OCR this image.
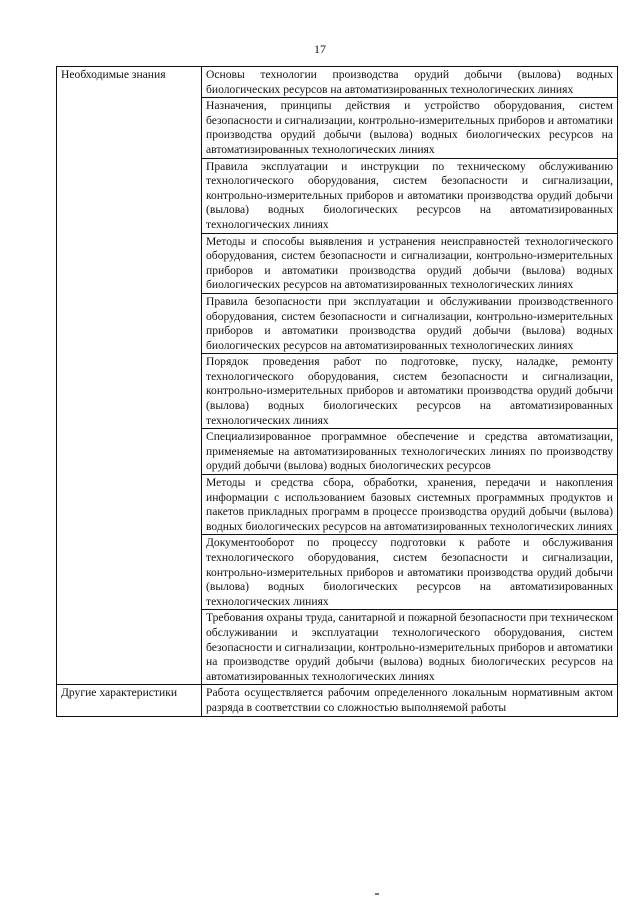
17
Необходимые знания	Основы технологии производства орудий добычи (вылова) водных биологических ресурсов на автоматизированных технологических линиях
	Назначения, принципы действия и устройство оборудования, систем безопасности и сигнализации, контрольно-измерительных приборов и автоматики производства орудий добычи (вылова) водных биологических ресурсов на автоматизированных технологических линиях
	Правила эксплуатации и инструкции по техническому обслуживанию технологического оборудования, систем безопасности и сигнализации, контрольно-измерительных приборов и автоматики производства орудий добычи (вылова) водных биологических ресурсов на автоматизированных технологических линиях
	Методы и способы выявления и устранения неисправностей технологического оборудования, систем безопасности и сигнализации, контрольно-измерительных приборов и автоматики производства орудий добычи (вылова) водных биологических ресурсов на автоматизированных технологических линиях
	Правила безопасности при эксплуатации и обслуживании производственного оборудования, систем безопасности и сигнализации, контрольно-измерительных приборов и автоматики производства орудий добычи (вылова) водных биологических ресурсов на автоматизированных технологических линиях
	Порядок проведения работ по подготовке, пуску, наладке, ремонту технологического оборудования, систем безопасности и сигнализации, контрольно-измерительных приборов и автоматики производства орудий добычи (вылова) водных биологических ресурсов на автоматизированных технологических линиях
	Специализированное программное обеспечение и средства автоматизации, применяемые на автоматизированных технологических линиях по производству орудий добычи (вылова) водных биологических ресурсов
	Методы и средства сбора, обработки, хранения, передачи и накопления информации с использованием базовых системных программных продуктов и пакетов прикладных программ в процессе производства орудий добычи (вылова) водных биологических ресурсов на автоматизированных технологических линиях
	Документооборот по процессу подготовки к работе и обслуживания технологического оборудования, систем безопасности и сигнализации, контрольно-измерительных приборов и автоматики производства орудий добычи (вылова) водных биологических ресурсов на автоматизированных технологических линиях
	Требования охраны труда, санитарной и пожарной безопасности при техническом обслуживании и эксплуатации технологического оборудования, систем безопасности и сигнализации, контрольно-измерительных приборов и автоматики на производстве орудий добычи (вылова) водных биологических ресурсов на автоматизированных технологических линиях
Другие характеристики	Работа осуществляется рабочим определенного локальным нормативным актом разряда в соответствии со сложностью выполняемой работы
